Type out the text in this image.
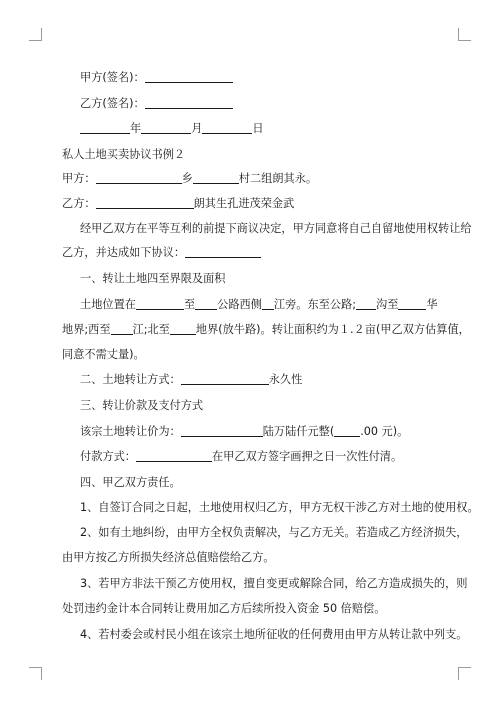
甲方(签名)：
乙方(签名)：
年	月	日
私人土地买卖协议书例２
甲方：	乡	村二组朗其永。
乙方：	朗其生孔进茂荣金武
经甲乙双方在平等互利的前提下商议决定，甲方同意将自己自留地使用权转让给
乙方，并达成如下协议：
一、转让土地四至界限及面积
土地位置在	至 公路西侧 江旁。东至公路; 沟至	华
地界;西至 江;北至 地界(放牛路)。转让面积约为１.２亩(甲乙双方估算值，
同意不需丈量)。
二、土地转让方式：	永久性
三、转让价款及支付方式
该宗土地转让价为：	陆万陆仟元整( .00 元)。
付款方式：	在甲乙双方签字画押之日一次性付清。
四、甲乙双方责任。
1、自签订合同之日起，土地使用权归乙方，甲方无权干涉乙方对土地的使用权。
2、如有土地纠纷，由甲方全权负责解决，与乙方无关。若造成乙方经济损失，
由甲方按乙方所损失经济总值赔偿给乙方。
3、若甲方非法干预乙方使用权，擅自变更或解除合同，给乙方造成损失的，则
处罚违约金计本合同转让费用加乙方后续所投入资金 50 倍赔偿。
4、若村委会或村民小组在该宗土地所征收的任何费用由甲方从转让款中列支。
